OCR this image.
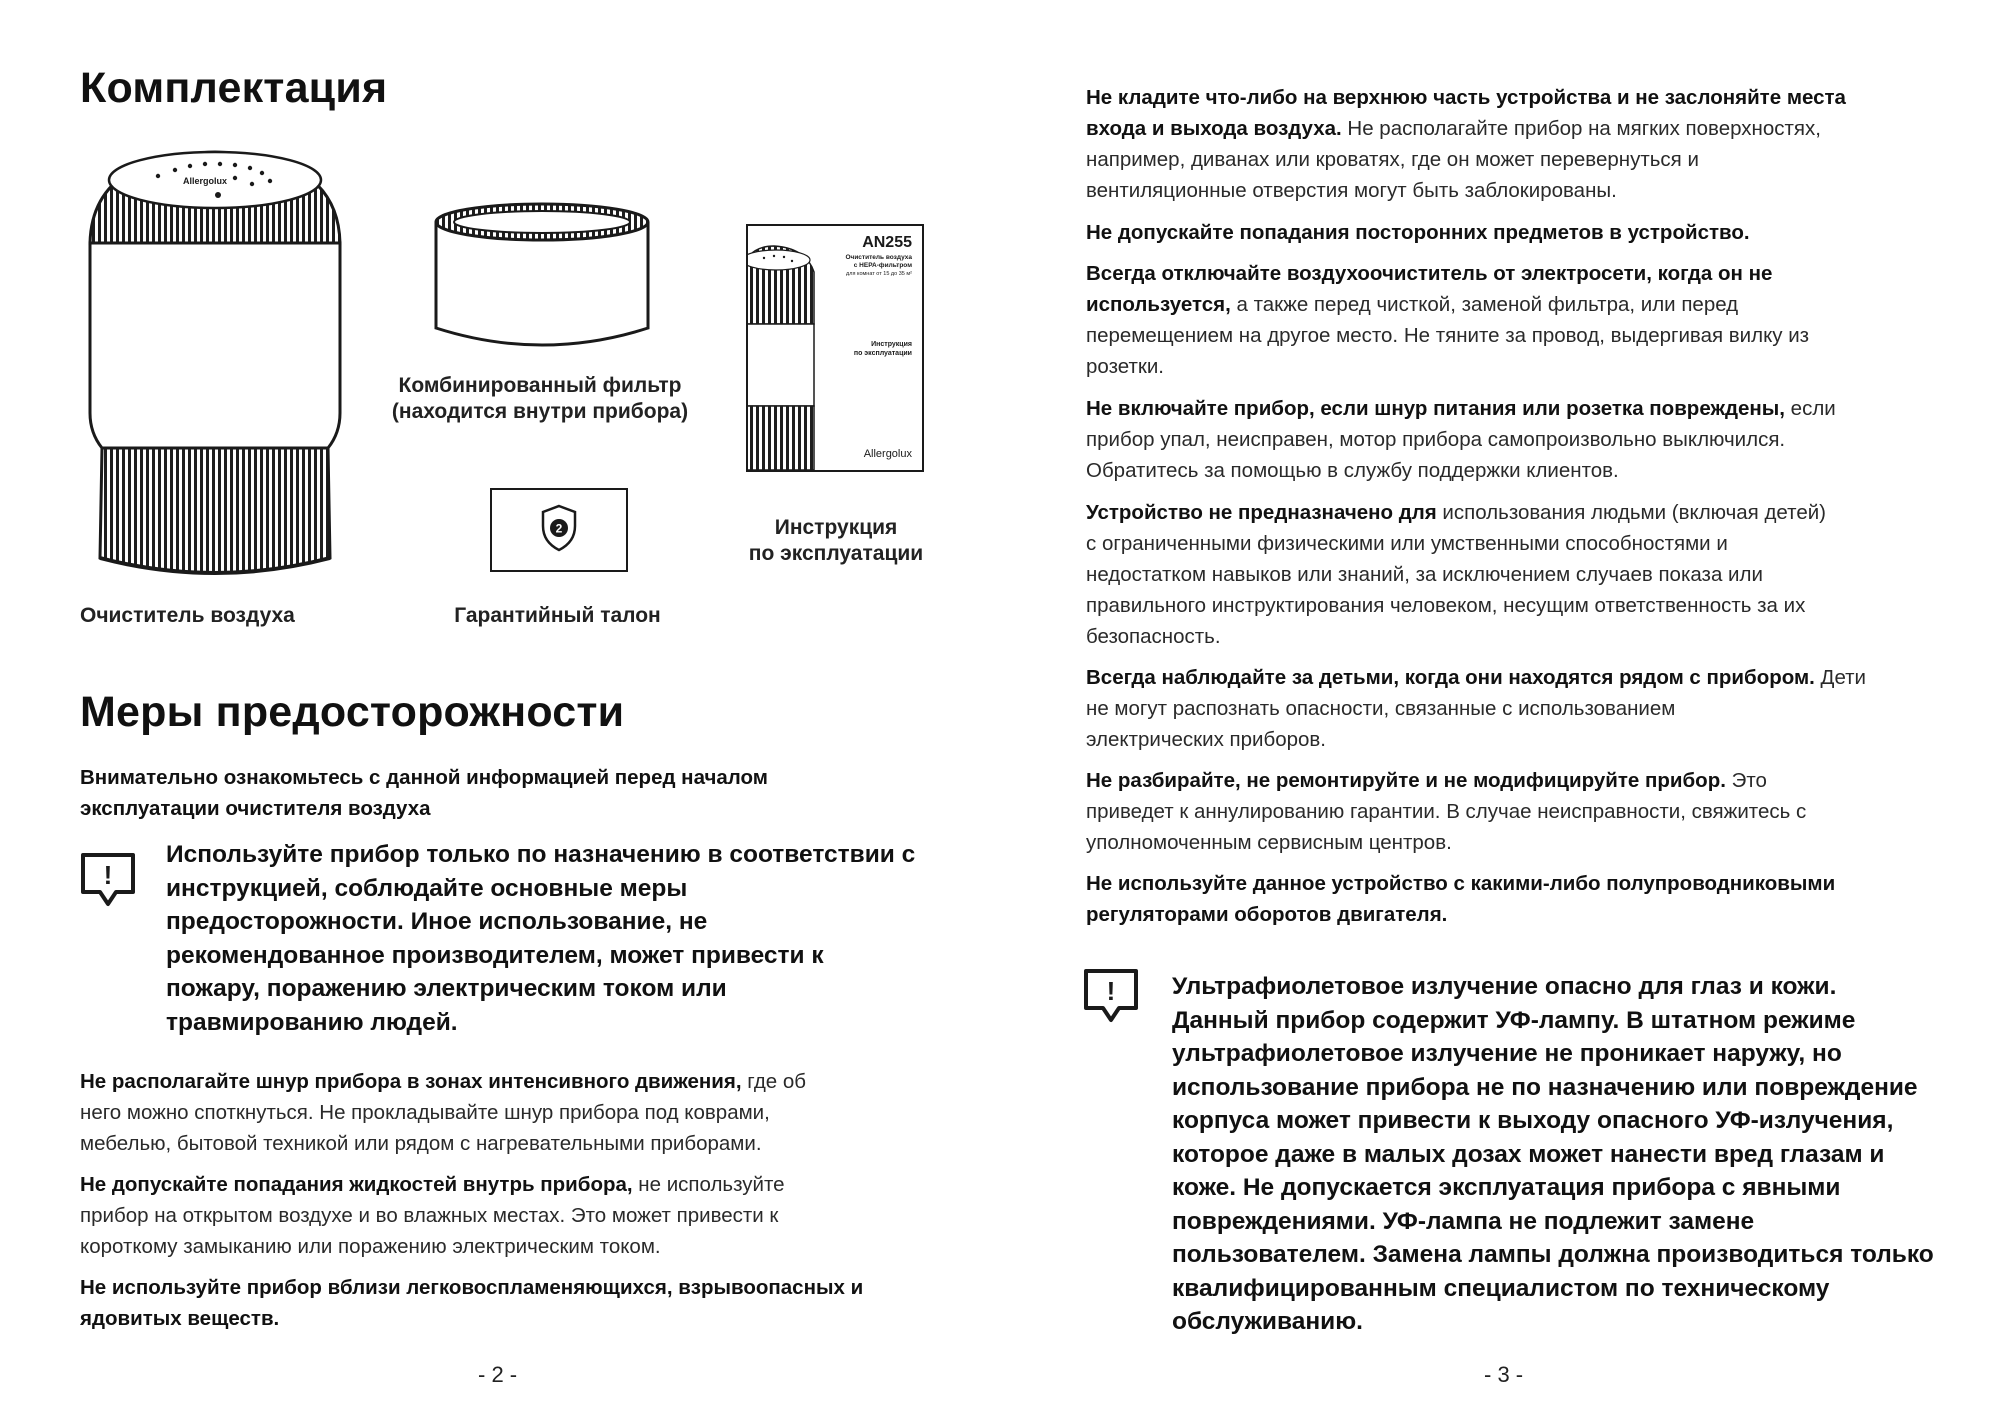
Комплектация
Allergolux
Комбинированный фильтр
(находится внутри прибора)
2
AN255
Очиститель воздуха
с HEPA-фильтром
для комнат от 15 до 35 м²
Инструкция
по эксплуатации
Allergolux
Инструкция
по эксплуатации
Очиститель воздуха	Гарантийный талон
Меры предосторожности
Внимательно ознакомьтесь с данной информацией перед началом
эксплуатации очистителя воздуха
!
Используйте прибор только по назначению в соответствии с
инструкцией, соблюдайте основные меры
предосторожности. Иное использование, не
рекомендованное производителем, может привести к
пожару, поражению электрическим током или
травмированию людей.
Не располагайте шнур прибора в зонах интенсивного движения, где об
него можно споткнуться. Не прокладывайте шнур прибора под коврами,
мебелью, бытовой техникой или рядом с нагревательными приборами.
Не допускайте попадания жидкостей внутрь прибора, не используйте
прибор на открытом воздухе и во влажных местах. Это может привести к
короткому замыканию или поражению электрическим током.
Не используйте прибор вблизи легковоспламеняющихся, взрывоопасных и
ядовитых веществ.
- 2 -
Не кладите что-либо на верхнюю часть устройства и не заслоняйте места
входа и выхода воздуха. Не располагайте прибор на мягких поверхностях,
например, диванах или кроватях, где он может перевернуться и
вентиляционные отверстия могут быть заблокированы.
Не допускайте попадания посторонних предметов в устройство.
Всегда отключайте воздухоочиститель от электросети, когда он не
используется, а также перед чисткой, заменой фильтра, или перед
перемещением на другое место. Не тяните за провод, выдергивая вилку из
розетки.
Не включайте прибор, если шнур питания или розетка повреждены, если
прибор упал, неисправен, мотор прибора самопроизвольно выключился.
Обратитесь за помощью в службу поддержки клиентов.
Устройство не предназначено для использования людьми (включая детей)
с ограниченными физическими или умственными способностями и
недостатком навыков или знаний, за исключением случаев показа или
правильного инструктирования человеком, несущим ответственность за их
безопасность.
Всегда наблюдайте за детьми, когда они находятся рядом с прибором. Дети
не могут распознать опасности, связанные с использованием
электрических приборов.
Не разбирайте, не ремонтируйте и не модифицируйте прибор. Это
приведет к аннулированию гарантии. В случае неисправности, свяжитесь с
уполномоченным сервисным центров.
Не используйте данное устройство с какими-либо полупроводниковыми
регуляторами оборотов двигателя.
! Ультрафиолетовое излучение опасно для глаз и кожи.
Данный прибор содержит УФ-лампу. В штатном режиме
ультрафиолетовое излучение не проникает наружу, но
использование прибора не по назначению или повреждение
корпуса может привести к выходу опасного УФ-излучения,
которое даже в малых дозах может нанести вред глазам и
коже. Не допускается эксплуатация прибора с явными
повреждениями. УФ-лампа не подлежит замене
пользователем. Замена лампы должна производиться только
квалифицированным специалистом по техническому
обслуживанию.
- 3 -
